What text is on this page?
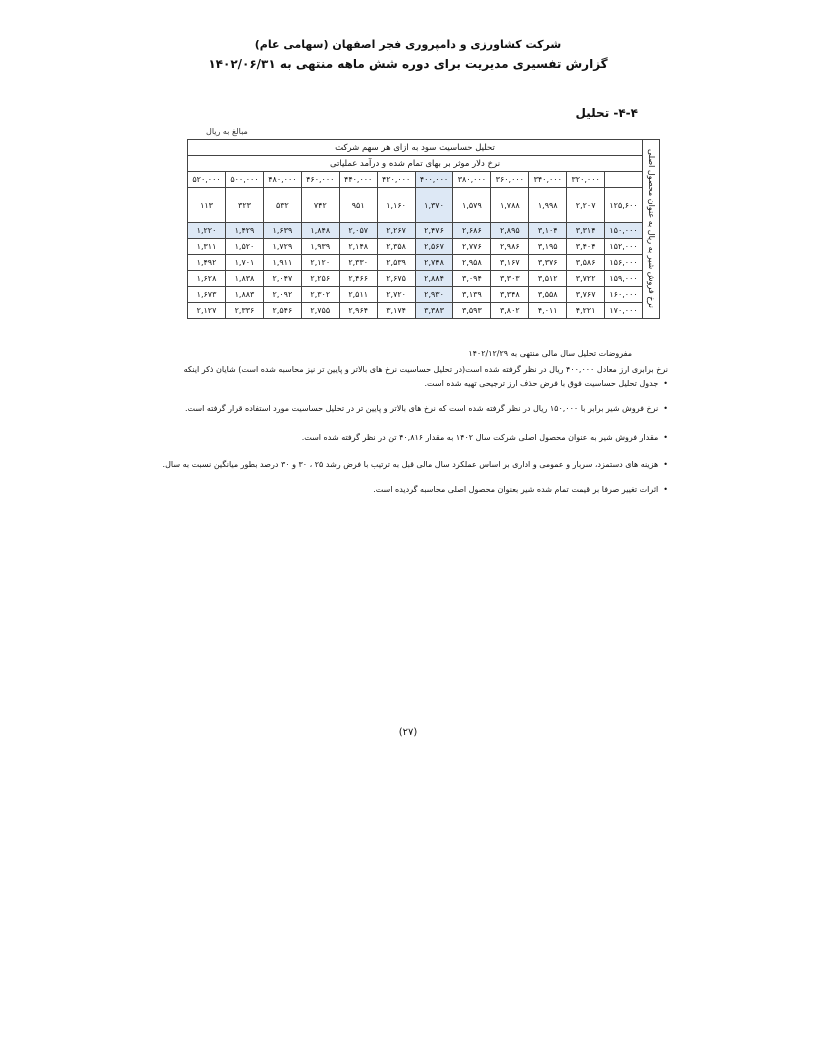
شرکت کشاورزی و دامپروری فجر اصفهان (سهامی عام)
گزارش تفسیری مدیریت برای دوره شش ماهه منتهی به ۱۴۰۲/۰۶/۳۱
۴-۴- تحلیل
مبالغ به ریال
نرخ فروش شیر به ریال به عنوان محصول اصلی	تحلیل حساسیت سود به ازای هر سهم شرکت											
	نرخ دلار موثر بر بهای تمام شده و درآمد عملیاتی											
		۳۲۰,۰۰۰	۳۴۰,۰۰۰	۳۶۰,۰۰۰	۳۸۰,۰۰۰	۴۰۰,۰۰۰	۴۲۰,۰۰۰	۴۴۰,۰۰۰	۴۶۰,۰۰۰	۴۸۰,۰۰۰	۵۰۰,۰۰۰	۵۲۰,۰۰۰
	۱۲۵,۶۰۰	۲,۲۰۷	۱,۹۹۸	۱,۷۸۸	۱,۵۷۹	۱,۳۷۰	۱,۱۶۰	۹۵۱	۷۴۲	۵۳۲	۳۲۳	۱۱۳
	۱۵۰,۰۰۰	۳,۳۱۴	۳,۱۰۴	۲,۸۹۵	۲,۶۸۶	۲,۴۷۶	۲,۲۶۷	۲,۰۵۷	۱,۸۴۸	۱,۶۳۹	۱,۴۲۹	۱,۲۲۰
	۱۵۲,۰۰۰	۳,۴۰۴	۳,۱۹۵	۲,۹۸۶	۲,۷۷۶	۲,۵۶۷	۲,۳۵۸	۲,۱۴۸	۱,۹۳۹	۱,۷۲۹	۱,۵۲۰	۱,۳۱۱
	۱۵۶,۰۰۰	۳,۵۸۶	۳,۳۷۶	۳,۱۶۷	۲,۹۵۸	۲,۷۴۸	۲,۵۳۹	۲,۳۳۰	۲,۱۲۰	۱,۹۱۱	۱,۷۰۱	۱,۴۹۲
	۱۵۹,۰۰۰	۳,۷۲۲	۳,۵۱۲	۳,۳۰۳	۳,۰۹۴	۲,۸۸۴	۲,۶۷۵	۲,۴۶۶	۲,۲۵۶	۲,۰۴۷	۱,۸۳۸	۱,۶۲۸
	۱۶۰,۰۰۰	۳,۷۶۷	۳,۵۵۸	۳,۳۴۸	۳,۱۳۹	۲,۹۳۰	۲,۷۲۰	۲,۵۱۱	۲,۳۰۲	۲,۰۹۲	۱,۸۸۳	۱,۶۷۳
	۱۷۰,۰۰۰	۴,۲۲۱	۴,۰۱۱	۳,۸۰۲	۳,۵۹۳	۳,۳۸۳	۳,۱۷۴	۲,۹۶۴	۲,۷۵۵	۲,۵۴۶	۲,۳۳۶	۲,۱۲۷
مفروضات تحلیل سال مالی منتهی به ۱۴۰۲/۱۲/۲۹
نرخ برابری ارز معادل ۴۰۰,۰۰۰ ریال در نظر گرفته شده است(در تحلیل حساسیت نرخ های بالاتر و پایین تر نیز محاسبه شده است) شایان ذکر اینکه
•جدول تحلیل حساسیت فوق با فرض حذف ارز ترجیحی تهیه شده است.
•نرخ فروش شیر برابر با ۱۵۰,۰۰۰ ریال در نظر گرفته شده است که نرخ های بالاتر و پایین تر در تحلیل حساسیت مورد استفاده قرار گرفته است.
•مقدار فروش شیر به عنوان محصول اصلی شرکت سال ۱۴۰۲ به مقدار ۴۰,۸۱۶ تن در نظر گرفته شده است.
•هزینه های دستمزد، سربار و عمومی و اداری بر اساس عملکرد سال مالی قبل به ترتیب با فرض رشد ۲۵ ، ۳۰ و ۳۰ درصد بطور میانگین نسبت به سال.
•اثرات تغییر صرفا بر قیمت تمام شده شیر بعنوان محصول اصلی محاسبه گردیده است.
(۲۷)
